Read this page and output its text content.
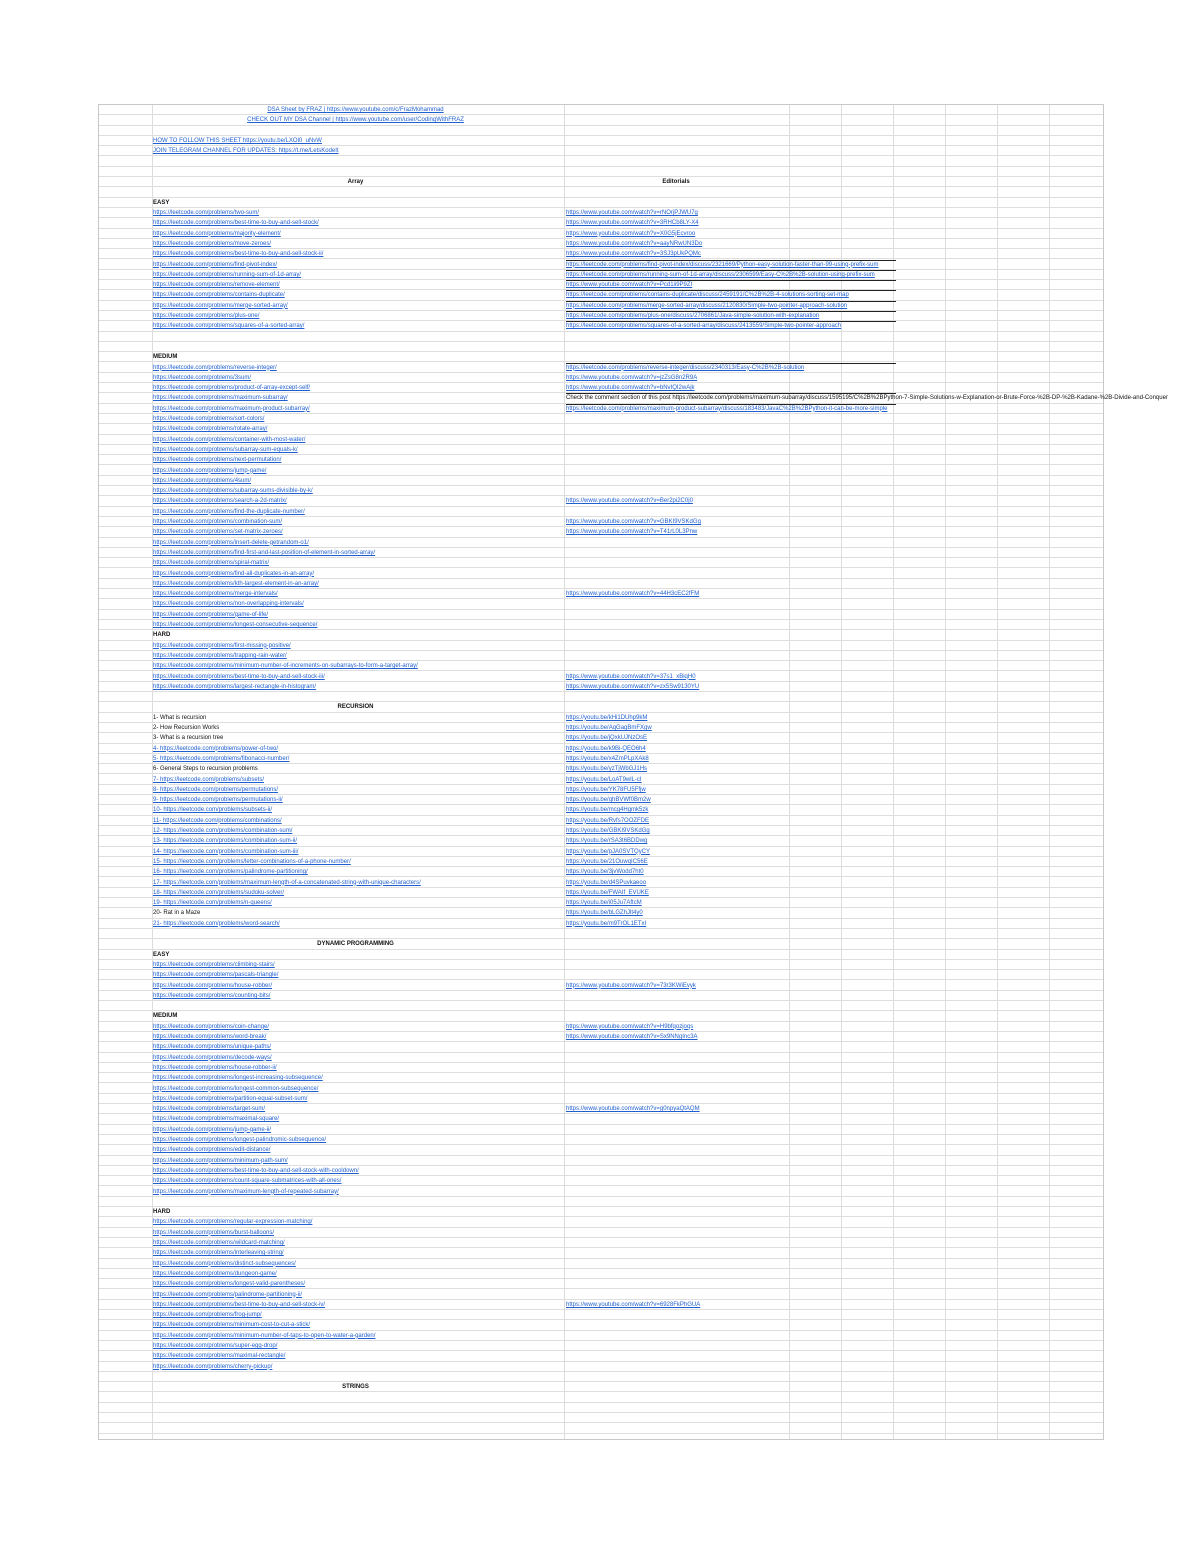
DSA Sheet by FRAZ | https://www.youtube.com/c/FrazMohammad
CHECK OUT MY DSA Channel | https://www.youtube.com/user/CodingWithFRAZ
HOW TO FOLLOW THIS SHEET https://youtu.be/LXOl0_uNvW
JOIN TELEGRAM CHANNEL FOR UPDATES: https://t.me/LetsKodeIt
Array	Editorials
EASY
https://leetcode.com/problems/two-sum/	https://www.youtube.com/watch?v=rNOrjPJWU7g
https://leetcode.com/problems/best-time-to-buy-and-sell-stock/	https://www.youtube.com/watch?v=3RHCb8LY-X4
https://leetcode.com/problems/majority-element/	https://www.youtube.com/watch?v=X0G5jEcvroo
https://leetcode.com/problems/move-zeroes/	https://www.youtube.com/watch?v=aayNRwUN3Do
https://leetcode.com/problems/best-time-to-buy-and-sell-stock-ii/	https://www.youtube.com/watch?v=3SJ3pUkPQMc
https://leetcode.com/problems/find-pivot-index/	https://leetcode.com/problems/find-pivot-index/discuss/2321669/Python-easy-solution-faster-than-99-using-prefix-sum
https://leetcode.com/problems/running-sum-of-1d-array/	https://leetcode.com/problems/running-sum-of-1d-array/discuss/2306599/Easy-C%2B%2B-solution-using-prefix-sum
https://leetcode.com/problems/remove-element/	https://www.youtube.com/watch?v=Pcd1ii9P9ZI
https://leetcode.com/problems/contains-duplicate/	https://leetcode.com/problems/contains-duplicate/discuss/2459191/C%2B%2B-4-solutions-sorting-set-map
https://leetcode.com/problems/merge-sorted-array/	https://leetcode.com/problems/merge-sorted-array/discuss/2120830/Simple-two-pointer-approach-solution
https://leetcode.com/problems/plus-one/	https://leetcode.com/problems/plus-one/discuss/2706861/Java-simple-solution-with-explanation
https://leetcode.com/problems/squares-of-a-sorted-array/	https://leetcode.com/problems/squares-of-a-sorted-array/discuss/2413559/Simple-two-pointer-approach
MEDIUM
https://leetcode.com/problems/reverse-integer/	https://leetcode.com/problems/reverse-integer/discuss/2340313/Easy-C%2B%2B-solution
https://leetcode.com/problems/3sum/	https://www.youtube.com/watch?v=jzZsG8n2R9A
https://leetcode.com/problems/product-of-array-except-self/	https://www.youtube.com/watch?v=bNvIQI2wAjk
https://leetcode.com/problems/maximum-subarray/	Check the comment section of this post https://leetcode.com/problems/maximum-subarray/discuss/1595195/C%2B%2BPython-7-Simple-Solutions-w-Explanation-or-Brute-Force-%2B-DP-%2B-Kadane-%2B-Divide-and-Conquer
https://leetcode.com/problems/maximum-product-subarray/	https://leetcode.com/problems/maximum-product-subarray/discuss/183483/JavaC%2B%2BPython-it-can-be-more-simple
https://leetcode.com/problems/sort-colors/
https://leetcode.com/problems/rotate-array/
https://leetcode.com/problems/container-with-most-water/
https://leetcode.com/problems/subarray-sum-equals-k/
https://leetcode.com/problems/next-permutation/
https://leetcode.com/problems/jump-game/
https://leetcode.com/problems/4sum/
https://leetcode.com/problems/subarray-sums-divisible-by-k/
https://leetcode.com/problems/search-a-2d-matrix/	https://www.youtube.com/watch?v=Ber2pi2C0j0
https://leetcode.com/problems/find-the-duplicate-number/
https://leetcode.com/problems/combination-sum/	https://www.youtube.com/watch?v=GBKI9VSKdGg
https://leetcode.com/problems/set-matrix-zeroes/	https://www.youtube.com/watch?v=T41rL0L3Pnw
https://leetcode.com/problems/insert-delete-getrandom-o1/
https://leetcode.com/problems/find-first-and-last-position-of-element-in-sorted-array/
https://leetcode.com/problems/spiral-matrix/
https://leetcode.com/problems/find-all-duplicates-in-an-array/
https://leetcode.com/problems/kth-largest-element-in-an-array/
https://leetcode.com/problems/merge-intervals/	https://www.youtube.com/watch?v=44H3cEC2fFM
https://leetcode.com/problems/non-overlapping-intervals/
https://leetcode.com/problems/game-of-life/
https://leetcode.com/problems/longest-consecutive-sequence/
HARD
https://leetcode.com/problems/first-missing-positive/
https://leetcode.com/problems/trapping-rain-water/
https://leetcode.com/problems/minimum-number-of-increments-on-subarrays-to-form-a-target-array/
https://leetcode.com/problems/best-time-to-buy-and-sell-stock-iii/	https://www.youtube.com/watch?v=37s1_xBiqH0
https://leetcode.com/problems/largest-rectangle-in-histogram/	https://www.youtube.com/watch?v=zx5Sw9130YU
RECURSION
1- What is recursion	https://youtu.be/kHi1DUhp9kM
2- How Recursion Works	https://youtu.be/AqGagBmFXgw
3- What is a recursion tree	https://youtu.be/jQxkUJNzOsE
4- https://leetcode.com/problems/power-of-two/	https://youtu.be/k9Bi-QEO6h4
5- https://leetcode.com/problems/fibonacci-number/	https://youtu.be/x4ZmPLpXAk8
6- General Steps to recursion problems	https://youtu.be/yzTjWbGJ1Hs
7- https://leetcode.com/problems/subsets/	https://youtu.be/LoAT9wlL-cI
8- https://leetcode.com/problems/permutations/	https://youtu.be/YK78FU5Ffjw
9- https://leetcode.com/problems/permutations-ii/	https://youtu.be/qhBVWf0Bm2w
10- https://leetcode.com/problems/subsets-ii/	https://youtu.be/mcg4Hgmk5zk
11- https://leetcode.com/problems/combinations/	https://youtu.be/Rvfs7OOZFDE
12- https://leetcode.com/problems/combination-sum/	https://youtu.be/GBKI9VSKdGg
13- https://leetcode.com/problems/combination-sum-ii/	https://youtu.be/rSA3t6BDDwg
14- https://leetcode.com/problems/combination-sum-iii/	https://youtu.be/pJA0SVTQyCY
15- https://leetcode.com/problems/letter-combinations-of-a-phone-number/	https://youtu.be/21OuwqIC56E
16- https://leetcode.com/problems/palindrome-partitioning/	https://youtu.be/3jvWodd7ht0
17- https://leetcode.com/problems/maximum-length-of-a-concatenated-string-with-unique-characters/	https://youtu.be/d4SPuvkaeoo
18- https://leetcode.com/problems/sudoku-solver/	https://youtu.be/FWAIf_EVUKE
19- https://leetcode.com/problems/n-queens/	https://youtu.be/i05Ju7AftcM
20- Rat in a Maze	https://youtu.be/bLGZhJlt4y0
21- https://leetcode.com/problems/word-search/	https://youtu.be/m9TrOL1ETxI
DYNAMIC PROGRAMMING
EASY
https://leetcode.com/problems/climbing-stairs/
https://leetcode.com/problems/pascals-triangle/
https://leetcode.com/problems/house-robber/	https://www.youtube.com/watch?v=73r3KWiEvyk
https://leetcode.com/problems/counting-bits/
MEDIUM
https://leetcode.com/problems/coin-change/	https://www.youtube.com/watch?v=H9bfqozjoqs
https://leetcode.com/problems/word-break/	https://www.youtube.com/watch?v=Sx9NNgInc3A
https://leetcode.com/problems/unique-paths/
https://leetcode.com/problems/decode-ways/
https://leetcode.com/problems/house-robber-ii/
https://leetcode.com/problems/longest-increasing-subsequence/
https://leetcode.com/problems/longest-common-subsequence/
https://leetcode.com/problems/partition-equal-subset-sum/
https://leetcode.com/problems/target-sum/	https://www.youtube.com/watch?v=g0npyaQtAQM
https://leetcode.com/problems/maximal-square/
https://leetcode.com/problems/jump-game-ii/
https://leetcode.com/problems/longest-palindromic-subsequence/
https://leetcode.com/problems/edit-distance/
https://leetcode.com/problems/minimum-path-sum/
https://leetcode.com/problems/best-time-to-buy-and-sell-stock-with-cooldown/
https://leetcode.com/problems/count-square-submatrices-with-all-ones/
https://leetcode.com/problems/maximum-length-of-repeated-subarray/
HARD
https://leetcode.com/problems/regular-expression-matching/
https://leetcode.com/problems/burst-balloons/
https://leetcode.com/problems/wildcard-matching/
https://leetcode.com/problems/interleaving-string/
https://leetcode.com/problems/distinct-subsequences/
https://leetcode.com/problems/dungeon-game/
https://leetcode.com/problems/longest-valid-parentheses/
https://leetcode.com/problems/palindrome-partitioning-ii/
https://leetcode.com/problems/best-time-to-buy-and-sell-stock-iv/	https://www.youtube.com/watch?v=6928FkPhGUA
https://leetcode.com/problems/frog-jump/
https://leetcode.com/problems/minimum-cost-to-cut-a-stick/
https://leetcode.com/problems/minimum-number-of-taps-to-open-to-water-a-garden/
https://leetcode.com/problems/super-egg-drop/
https://leetcode.com/problems/maximal-rectangle/
https://leetcode.com/problems/cherry-pickup/
STRINGS
